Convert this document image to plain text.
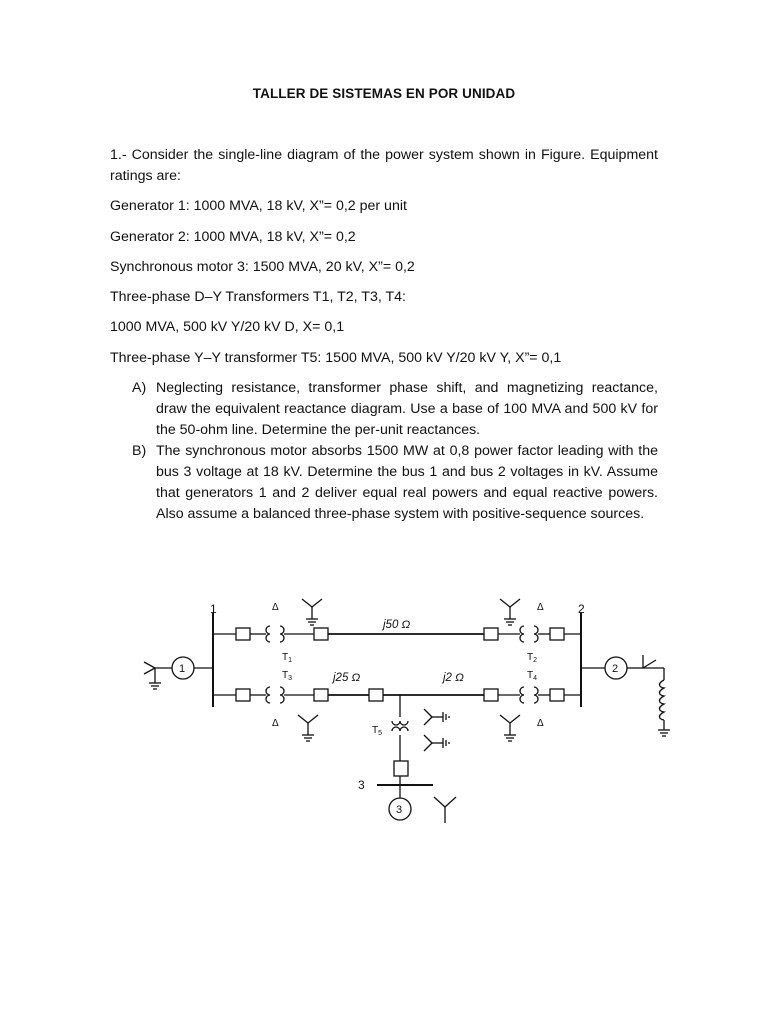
TALLER DE SISTEMAS EN POR UNIDAD
1.- Consider the single-line diagram of the power system shown in Figure. Equipment ratings are:
Generator 1: 1000 MVA, 18 kV, X”= 0,2 per unit
Generator 2: 1000 MVA, 18 kV, X”= 0,2
Synchronous motor 3: 1500 MVA, 20 kV, X”= 0,2
Three-phase D–Y Transformers T1, T2, T3, T4:
1000 MVA, 500 kV Y/20 kV D, X= 0,1
Three-phase Y–Y transformer T5: 1500 MVA, 500 kV Y/20 kV Y, X”= 0,1
A) Neglecting resistance, transformer phase shift, and magnetizing reactance, draw the equivalent reactance diagram. Use a base of 100 MVA and 500 kV for the 50-ohm line. Determine the per-unit reactances.
B) The synchronous motor absorbs 1500 MW at 0,8 power factor leading with the bus 3 voltage at 18 kV. Determine the bus 1 and bus 2 voltages in kV. Assume that generators 1 and 2 deliver equal real powers and equal reactive powers. Also assume a balanced three-phase system with positive-sequence sources.
1
1
2
2
j50 Ω
Δ
$T_1$
Δ
$T_2$
j25 Ω	j2 Ω
$T_3$
Δ
$T_4$
Δ
$T_5$
3
3
